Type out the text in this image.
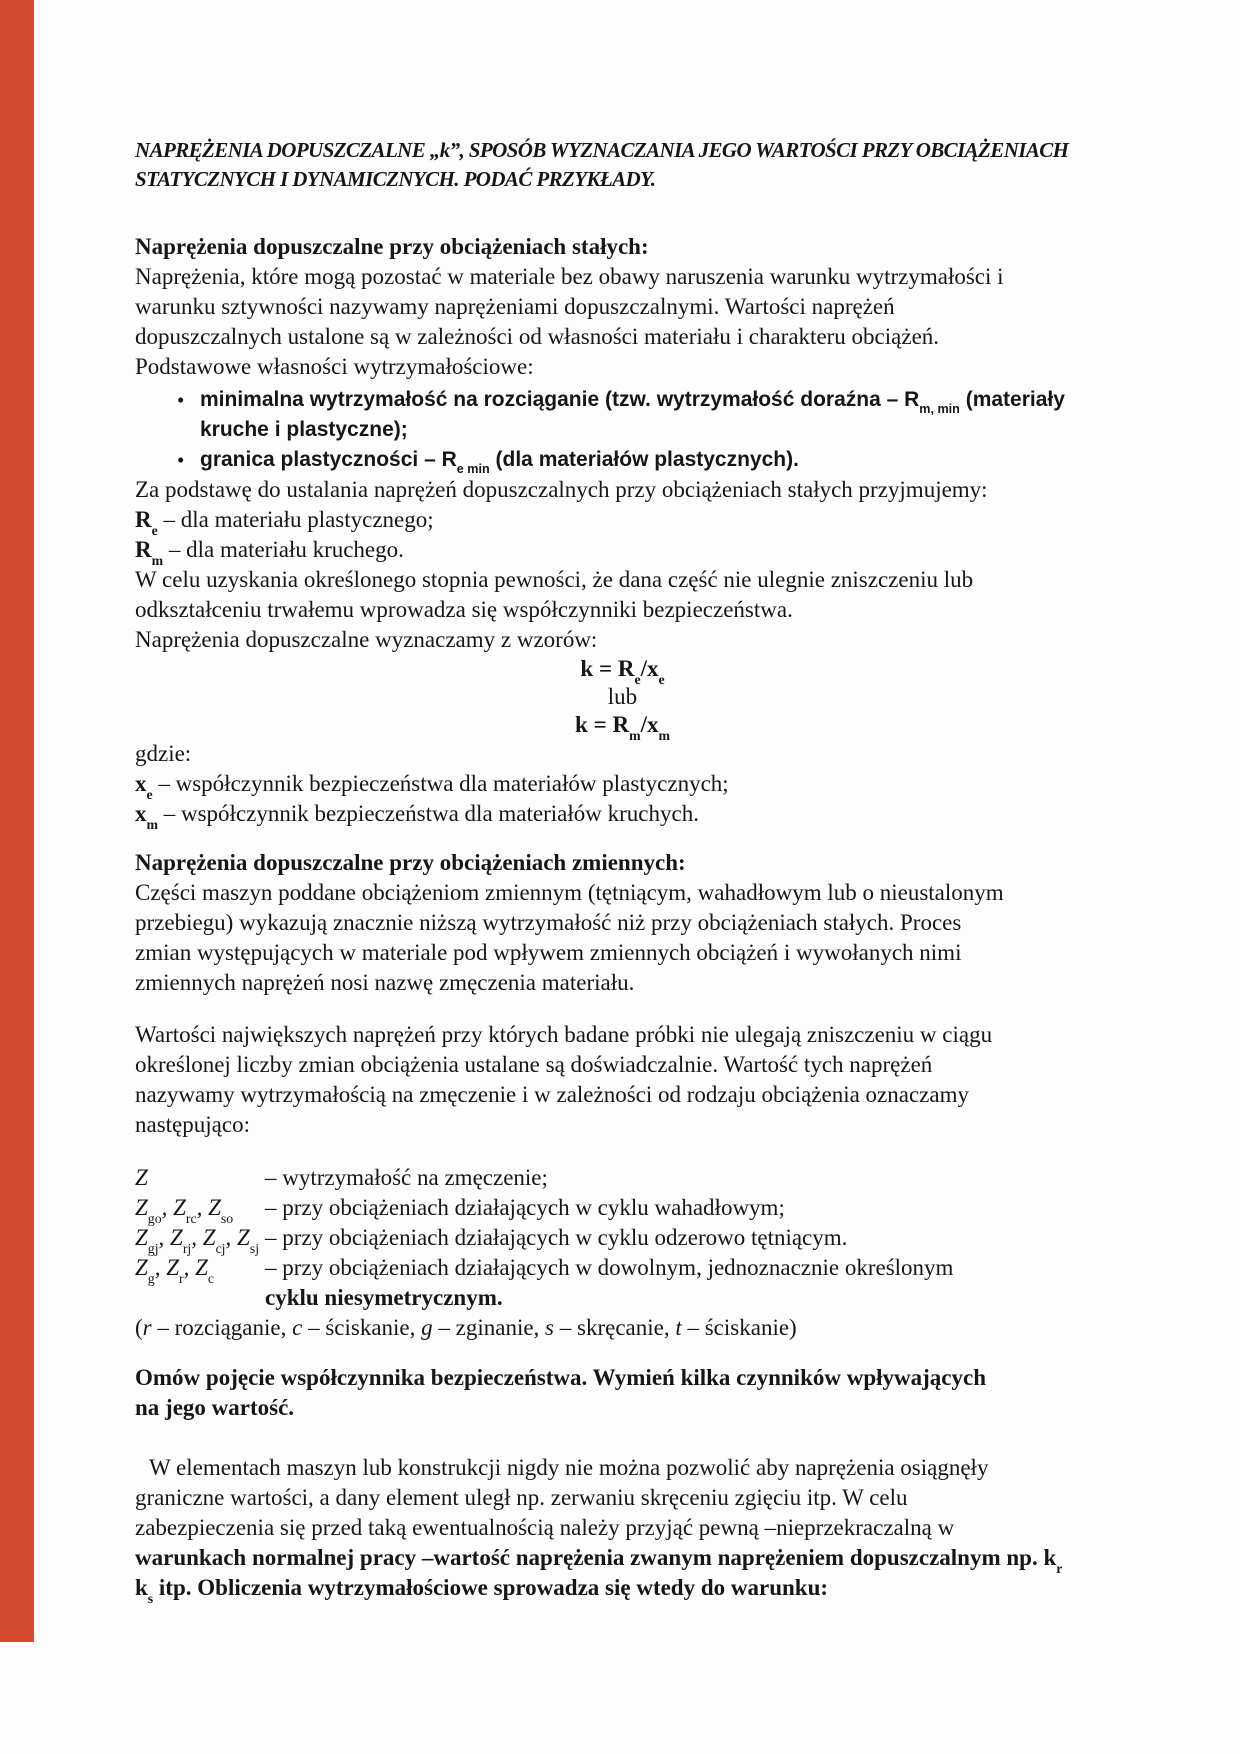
NAPRĘŻENIA DOPUSZCZALNE „k”, SPOSÓB WYZNACZANIA JEGO WARTOŚCI PRZY OBCIĄŻENIACH
STATYCZNYCH I DYNAMICZNYCH. PODAĆ PRZYKŁADY.
Naprężenia dopuszczalne przy obciążeniach stałych:
Naprężenia, które mogą pozostać w materiale bez obawy naruszenia warunku wytrzymałości i
warunku sztywności nazywamy naprężeniami dopuszczalnymi. Wartości naprężeń
dopuszczalnych ustalone są w zależności od własności materiału i charakteru obciążeń.
Podstawowe własności wytrzymałościowe:
• minimalna wytrzymałość na rozciąganie (tzw. wytrzymałość doraźna – $R_{m, min}$ (materiały
kruche i plastyczne);
• granica plastyczności – $R_{e min}$ (dla materiałów plastycznych).
Za podstawę do ustalania naprężeń dopuszczalnych przy obciążeniach stałych przyjmujemy:
$R_e$ – dla materiału plastycznego;
$R_m$ – dla materiału kruchego.
W celu uzyskania określonego stopnia pewności, że dana część nie ulegnie zniszczeniu lub
odkształceniu trwałemu wprowadza się współczynniki bezpieczeństwa.
Naprężenia dopuszczalne wyznaczamy z wzorów:
$k = R_e/x_e$
lub
$k = R_m/x_m$
gdzie:
$x_e$ – współczynnik bezpieczeństwa dla materiałów plastycznych;
$x_m$ – współczynnik bezpieczeństwa dla materiałów kruchych.
Naprężenia dopuszczalne przy obciążeniach zmiennych:
Części maszyn poddane obciążeniom zmiennym (tętniącym, wahadłowym lub o nieustalonym
przebiegu) wykazują znacznie niższą wytrzymałość niż przy obciążeniach stałych. Proces
zmian występujących w materiale pod wpływem zmiennych obciążeń i wywołanych nimi
zmiennych naprężeń nosi nazwę zmęczenia materiału.
Wartości największych naprężeń przy których badane próbki nie ulegają zniszczeniu w ciągu
określonej liczby zmian obciążenia ustalane są doświadczalnie. Wartość tych naprężeń
nazywamy wytrzymałością na zmęczenie i w zależności od rodzaju obciążenia oznaczamy
następująco:
Z	– wytrzymałość na zmęczenie;
$Z_{go}$, $Z_{rc}$, $Z_{so}$	– przy obciążeniach działających w cyklu wahadłowym;
$Z_{gj}$, $Z_{rj}$, $Z_{cj}$, $Z_{sj}$ – przy obciążeniach działających w cyklu odzerowo tętniącym.
$Z_g$, $Z_r$, $Z_c$	– przy obciążeniach działających w dowolnym, jednoznacznie określonym
cyklu niesymetrycznym.
(r – rozciąganie, c – ściskanie, g – zginanie, s – skręcanie, t – ściskanie)
Omów pojęcie współczynnika bezpieczeństwa. Wymień kilka czynników wpływających
na jego wartość.
W elementach maszyn lub konstrukcji nigdy nie można pozwolić aby naprężenia osiągnęły
graniczne wartości, a dany element uległ np. zerwaniu skręceniu zgięciu itp. W celu
zabezpieczenia się przed taką ewentualnością należy przyjąć pewną –nieprzekraczalną w
warunkach normalnej pracy –wartość naprężenia zwanym naprężeniem dopuszczalnym np. $k_r$
$k_s$ itp. Obliczenia wytrzymałościowe sprowadza się wtedy do warunku:
